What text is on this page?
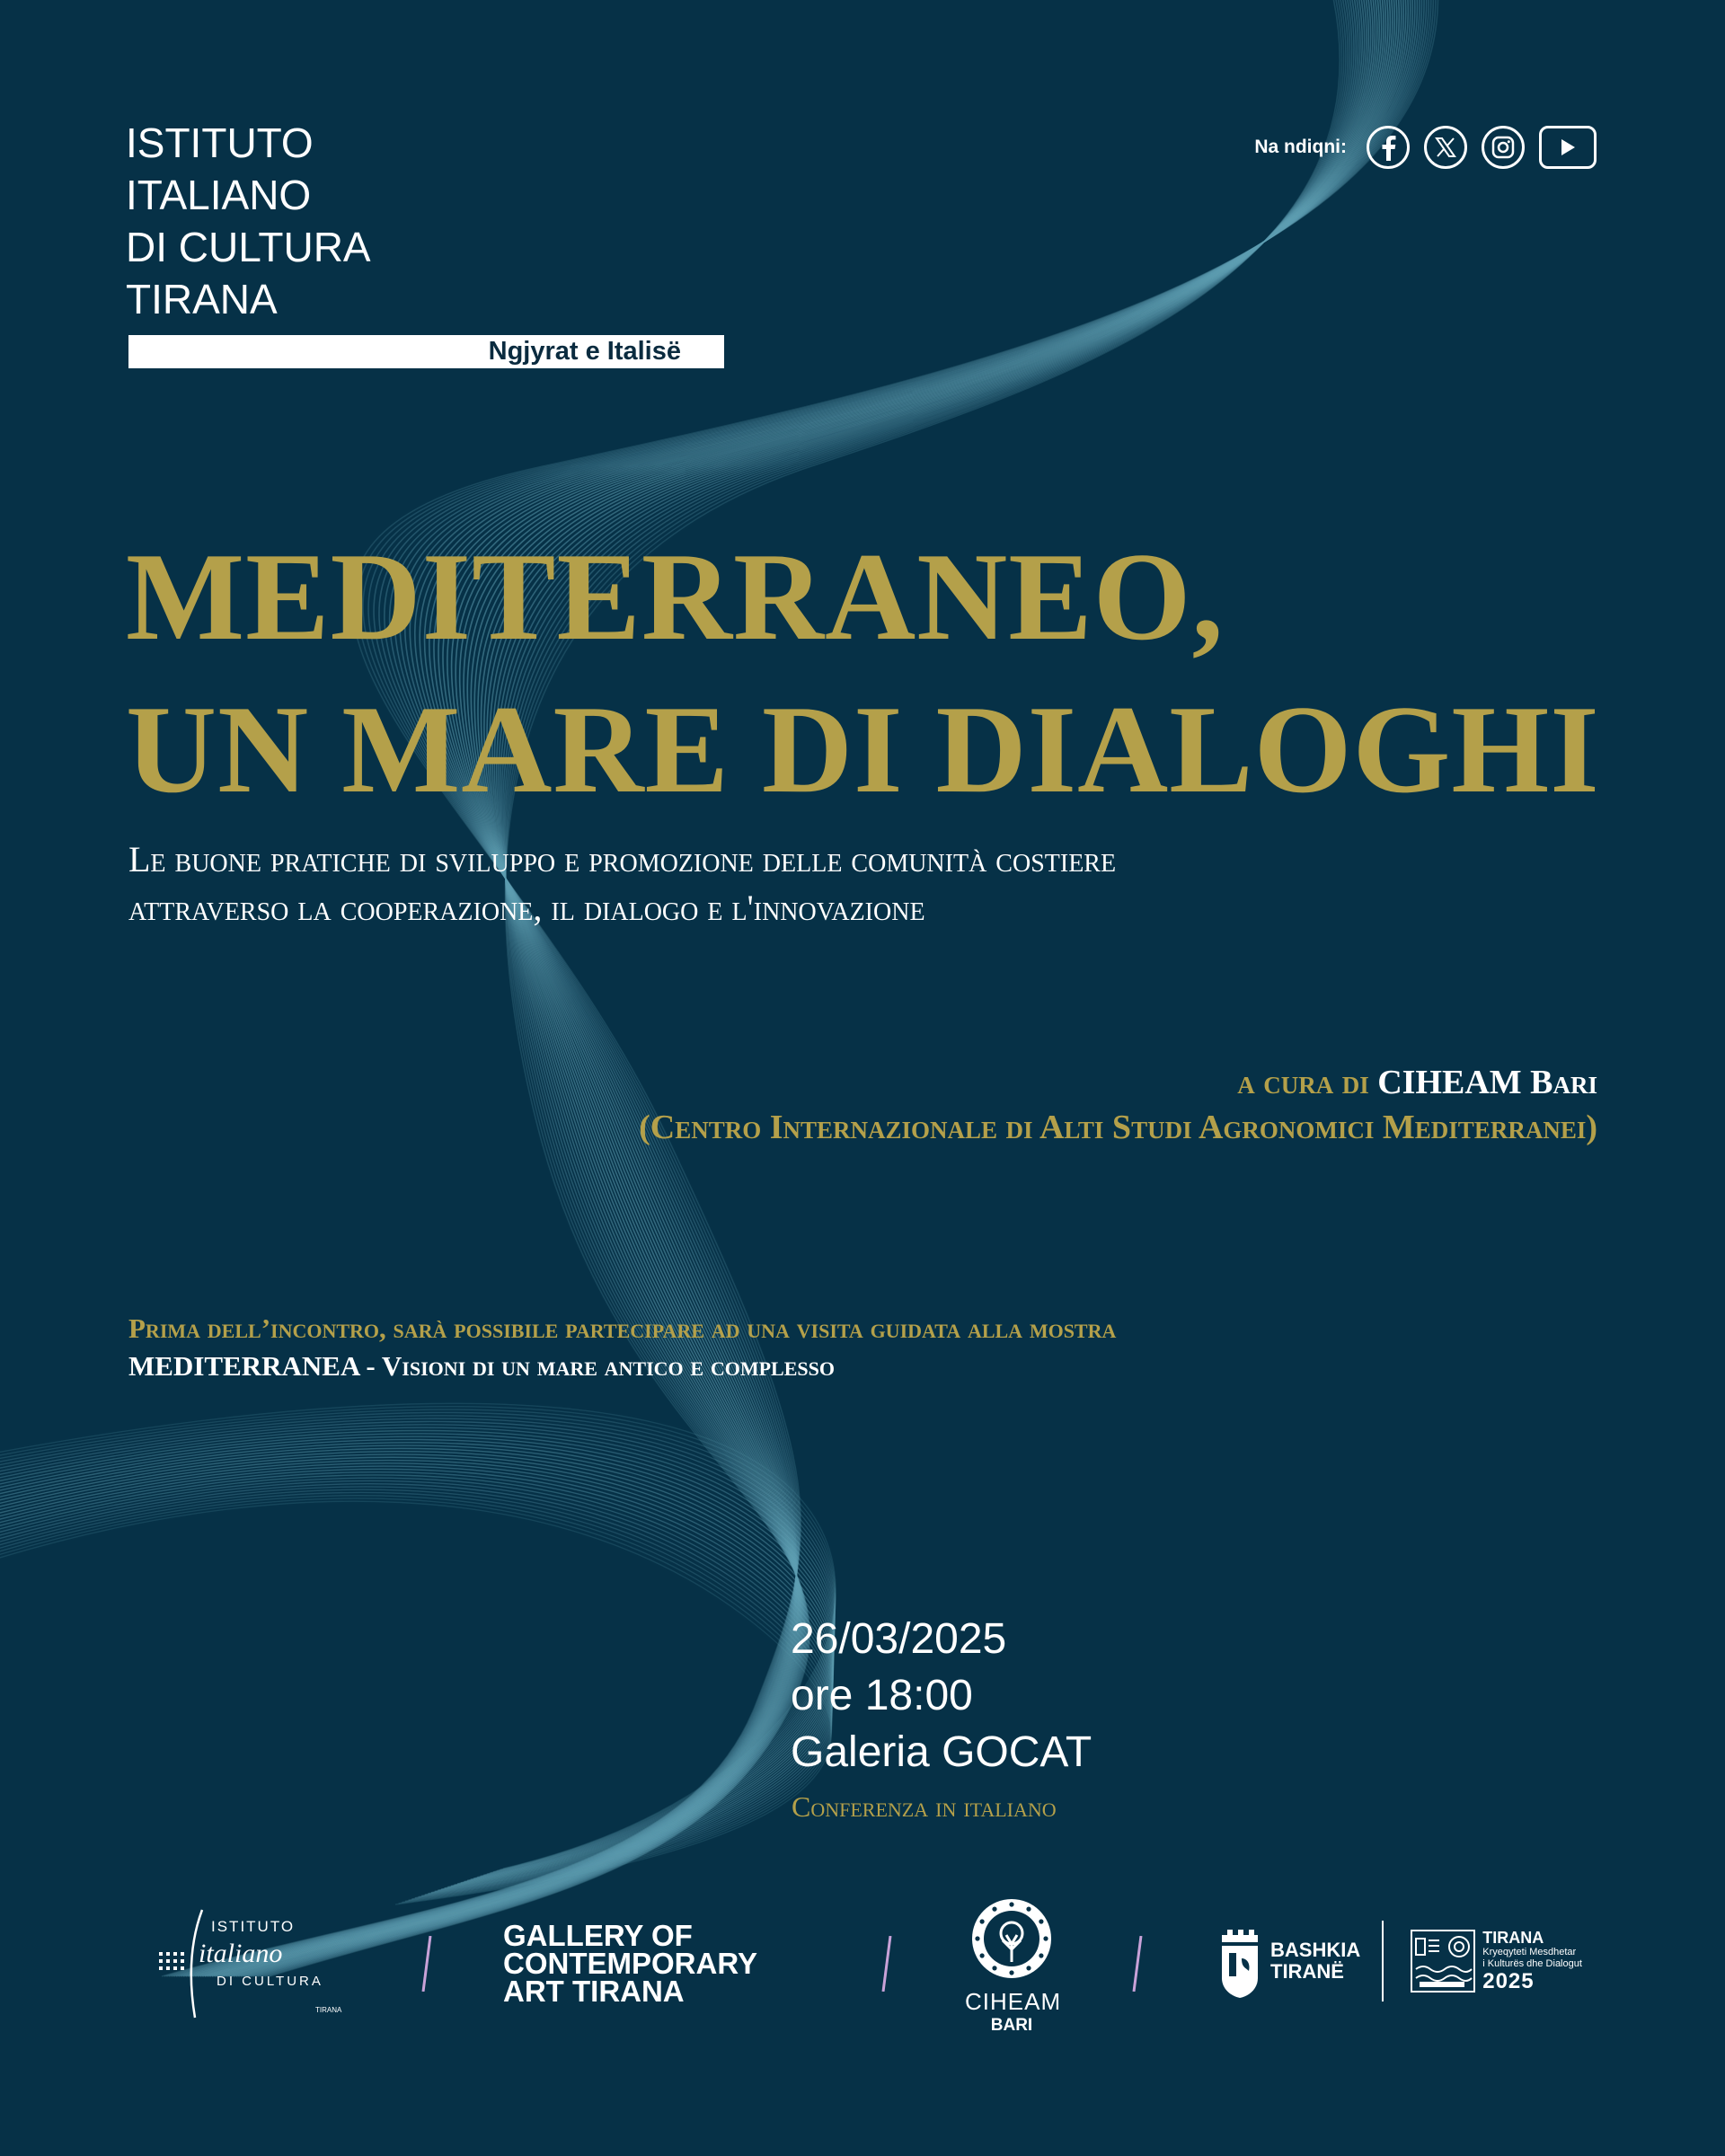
ISTITUTO
ITALIANO
DI CULTURA
TIRANA
Ngjyrat e Italisë
Na ndiqni:
MEDITERRANEO,
UN MARE DI DIALOGHI
Le buone pratiche di sviluppo e promozione delle comunità costiere
attraverso la cooperazione, il dialogo e l'innovazione
a cura di CIHEAM Bari
(Centro Internazionale di Alti Studi Agronomici Mediterranei)
Prima dell’incontro, sarà possibile partecipare ad una visita guidata alla mostra
MEDITERRANEA - Visioni di un mare antico e complesso
26/03/2025
ore 18:00
Galeria GOCAT
Conferenza in italiano
ISTITUTO
italiano
DI CULTURA
TIRANA
GALLERY OF
CONTEMPORARY
ART TIRANA	CIHEAM
BARI
BASHKIA
TIRANË
TIRANA
Kryeqyteti Mesdhetar
i Kulturës dhe Dialogut
2025
